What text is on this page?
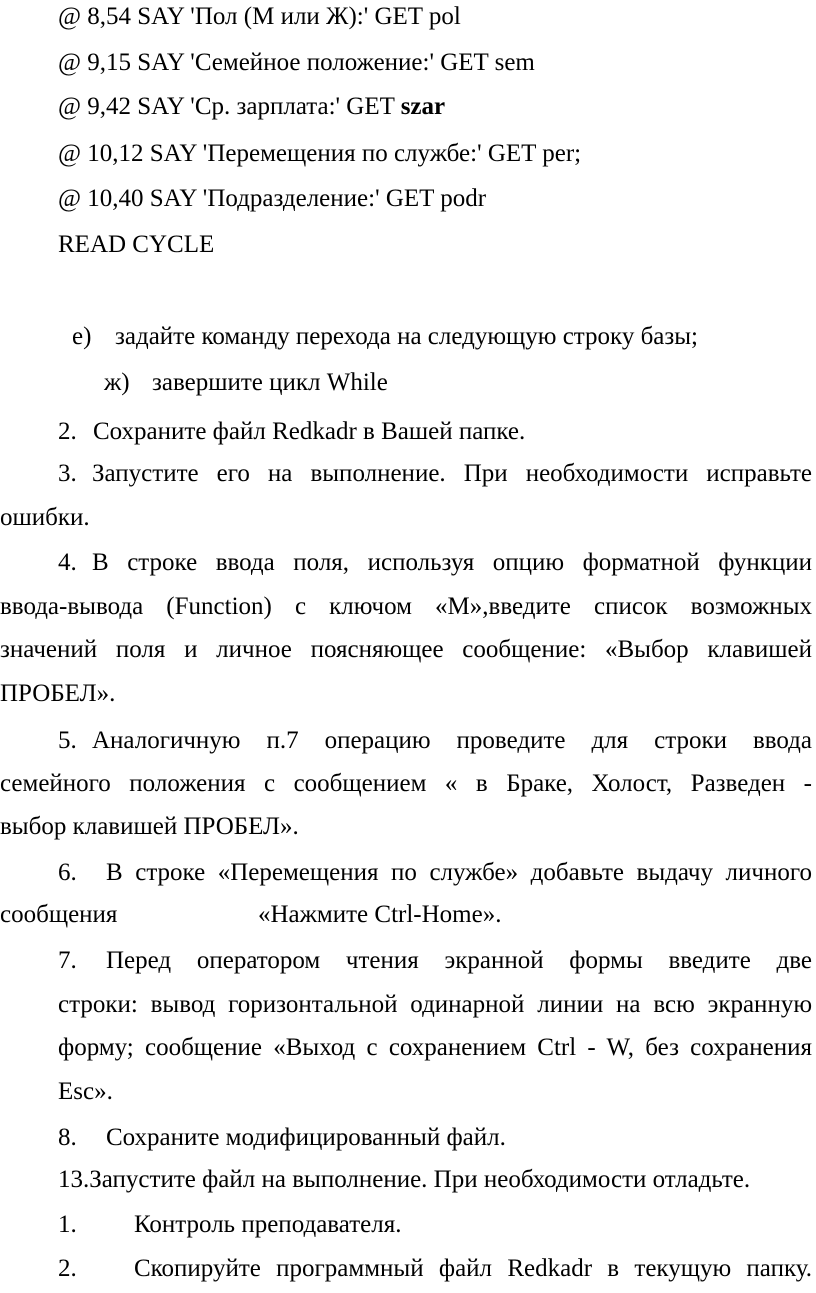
@ 8,54 SAY 'Пол (М или Ж):' GET pol
@ 9,15 SAY 'Семейное положение:' GET sem
@ 9,42 SAY 'Ср. зарплата:' GET szar
@ 10,12 SAY 'Перемещения по службе:' GET per;
@ 10,40 SAY 'Подразделение:' GET podr
READ CYCLE
е) задайте команду перехода на следующую строку базы;
ж) завершите цикл While
2. Сохраните файл Redkadr в Вашей папке.
3. Запустите его на выполнение. При необходимости исправьте
ошибки.
4. В строке ввода поля, используя опцию форматной функции
ввода-вывода (Function) с ключом «М»,введите список возможных
значений поля и личное поясняющее сообщение: «Выбор клавишей
ПРОБЕЛ».
5. Аналогичную п.7 операцию проведите для строки ввода
семейного положения с сообщением « в Браке, Холост, Разведен -
выбор клавишей ПРОБЕЛ».
6. В строке «Перемещения по службе» добавьте выдачу личного
сообщения	«Нажмите Ctrl-Home».
7. Перед оператором чтения экранной формы введите две
строки: вывод горизонтальной одинарной линии на всю экранную
форму; сообщение «Выход с сохранением Ctrl - W, без сохранения
Esc».
8. Сохраните модифицированный файл.
13.Запустите файл на выполнение. При необходимости отладьте.
1. Контроль преподавателя.
2. Скопируйте программный файл Redkadr в текущую папку.
